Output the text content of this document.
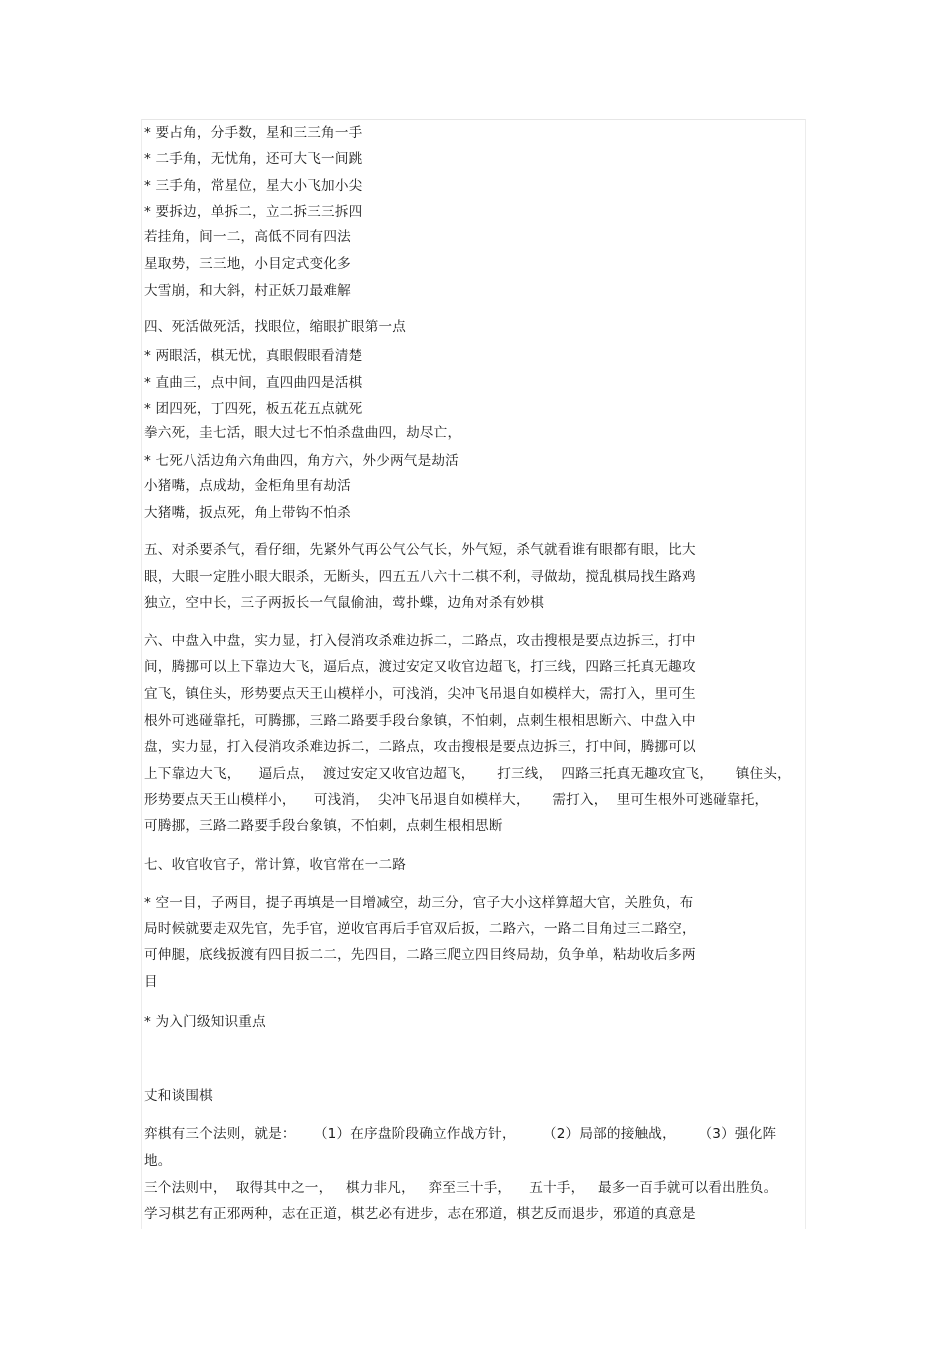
* 要占角，分手数，星和三三角一手
* 二手角，无忧角，还可大飞一间跳
* 三手角，常星位，星大小飞加小尖
* 要拆边，单拆二，立二拆三三拆四
若挂角，间一二，高低不同有四法
星取势，三三地，小目定式变化多
大雪崩，和大斜，村正妖刀最难解
四、死活做死活，找眼位，缩眼扩眼第一点
* 两眼活，棋无忧，真眼假眼看清楚
* 直曲三，点中间，直四曲四是活棋
* 团四死，丁四死，板五花五点就死
拳六死，圭七活，眼大过七不怕杀盘曲四，劫尽亡，
* 七死八活边角六角曲四，角方六，外少两气是劫活
小猪嘴，点成劫，金柜角里有劫活
大猪嘴，扳点死，角上带钩不怕杀
五、对杀要杀气，看仔细，先紧外气再公气公气长，外气短，杀气就看谁有眼都有眼，比大
眼，大眼一定胜小眼大眼杀，无断头，四五五八六十二棋不利，寻做劫，搅乱棋局找生路鸡
独立，空中长，三子两扳长一气鼠偷油，莺扑蝶，边角对杀有妙棋
六、中盘入中盘，实力显，打入侵消攻杀难边拆二，二路点，攻击搜根是要点边拆三，打中
间，腾挪可以上下靠边大飞，逼后点，渡过安定又收官边超飞，打三线，四路三托真无趣攻
宜飞，镇住头，形势要点天王山模样小，可浅消，尖冲飞吊退自如模样大，需打入，里可生
根外可逃碰靠托，可腾挪，三路二路要手段台象镇，不怕刺，点刺生根相思断六、中盘入中
盘，实力显，打入侵消攻杀难边拆二，二路点，攻击搜根是要点边拆三，打中间，腾挪可以
上下靠边大飞，    逼后点，  渡过安定又收官边超飞，     打三线，  四路三托真无趣攻宜飞，     镇住头，
形势要点天王山模样小，    可浅消，  尖冲飞吊退自如模样大，     需打入，  里可生根外可逃碰靠托，
可腾挪，三路二路要手段台象镇，不怕刺，点刺生根相思断
七、收官收官子，常计算，收官常在一二路
* 空一目，子两目，提子再填是一目增减空，劫三分，官子大小这样算超大官，关胜负，布
局时候就要走双先官，先手官，逆收官再后手官双后扳，二路六，一路二目角过三二路空，
可伸腿，底线扳渡有四目扳二二，先四目，二路三爬立四目终局劫，负争单，粘劫收后多两
目
* 为入门级知识重点
丈和谈围棋
弈棋有三个法则，就是：    （1）在序盘阶段确立作战方针，      （2）局部的接触战，     （3）强化阵
地。
三个法则中，  取得其中之一，   棋力非凡，   弈至三十手，    五十手，   最多一百手就可以看出胜负。
学习棋艺有正邪两种，志在正道，棋艺必有进步，志在邪道，棋艺反而退步，邪道的真意是
